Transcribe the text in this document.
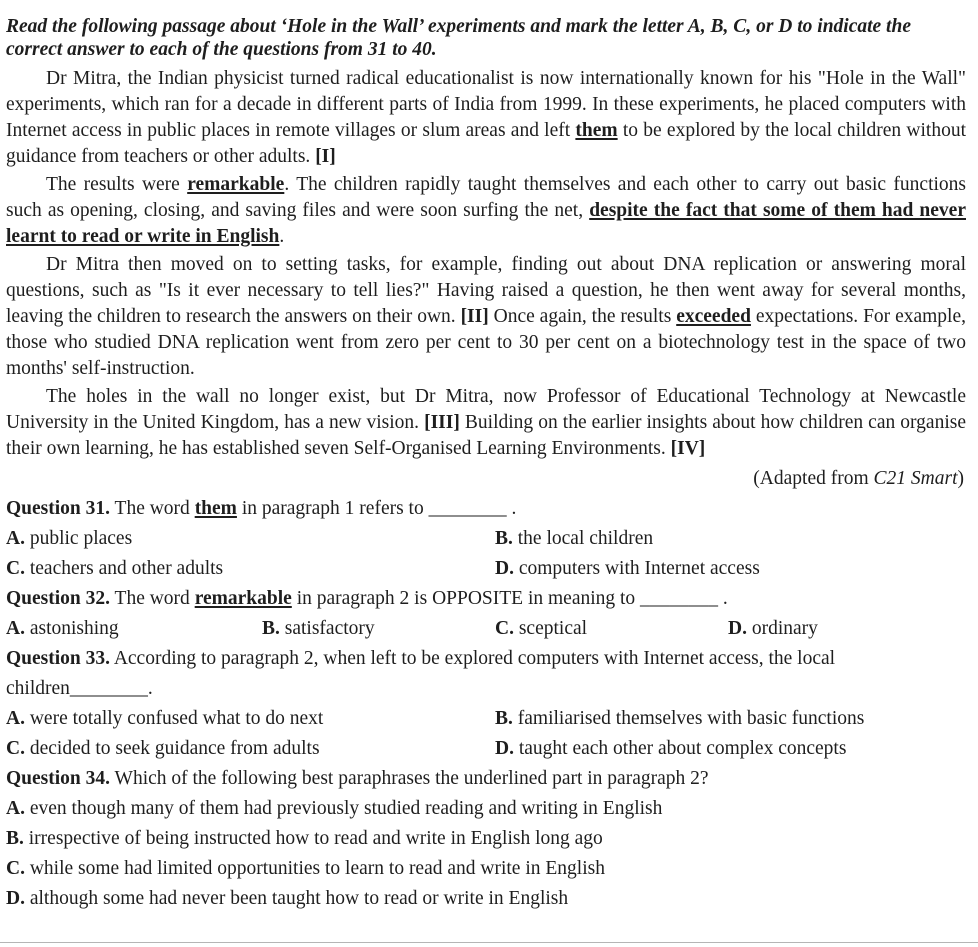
Read the following passage about ‘Hole in the Wall’ experiments and mark the letter A, B, C, or D to indicate the correct answer to each of the questions from 31 to 40.

Dr Mitra, the Indian physicist turned radical educationalist is now internationally known for his "Hole in the Wall" experiments, which ran for a decade in different parts of India from 1999. In these experiments, he placed computers with Internet access in public places in remote villages or slum areas and left them to be explored by the local children without guidance from teachers or other adults. [I]

The results were remarkable. The children rapidly taught themselves and each other to carry out basic functions such as opening, closing, and saving files and were soon surfing the net, despite the fact that some of them had never learnt to read or write in English.

Dr Mitra then moved on to setting tasks, for example, finding out about DNA replication or answering moral questions, such as "Is it ever necessary to tell lies?" Having raised a question, he then went away for several months, leaving the children to research the answers on their own. [II] Once again, the results exceeded expectations. For example, those who studied DNA replication went from zero per cent to 30 per cent on a biotechnology test in the space of two months' self-instruction.

The holes in the wall no longer exist, but Dr Mitra, now Professor of Educational Technology at Newcastle University in the United Kingdom, has a new vision. [III] Building on the earlier insights about how children can organise their own learning, he has established seven Self-Organised Learning Environments. [IV]

(Adapted from C21 Smart)

Question 31. The word them in paragraph 1 refers to ________ .

A. public places	B. the local children
C. teachers and other adults	D. computers with Internet access

Question 32. The word remarkable in paragraph 2 is OPPOSITE in meaning to ________ .

A. astonishing	B. satisfactory	C. sceptical	D. ordinary

Question 33. According to paragraph 2, when left to be explored computers with Internet access, the local children________.

A. were totally confused what to do next	B. familiarised themselves with basic functions
C. decided to seek guidance from adults	D. taught each other about complex concepts

Question 34. Which of the following best paraphrases the underlined part in paragraph 2?

A. even though many of them had previously studied reading and writing in English
B. irrespective of being instructed how to read and write in English long ago
C. while some had limited opportunities to learn to read and write in English
D. although some had never been taught how to read or write in English
